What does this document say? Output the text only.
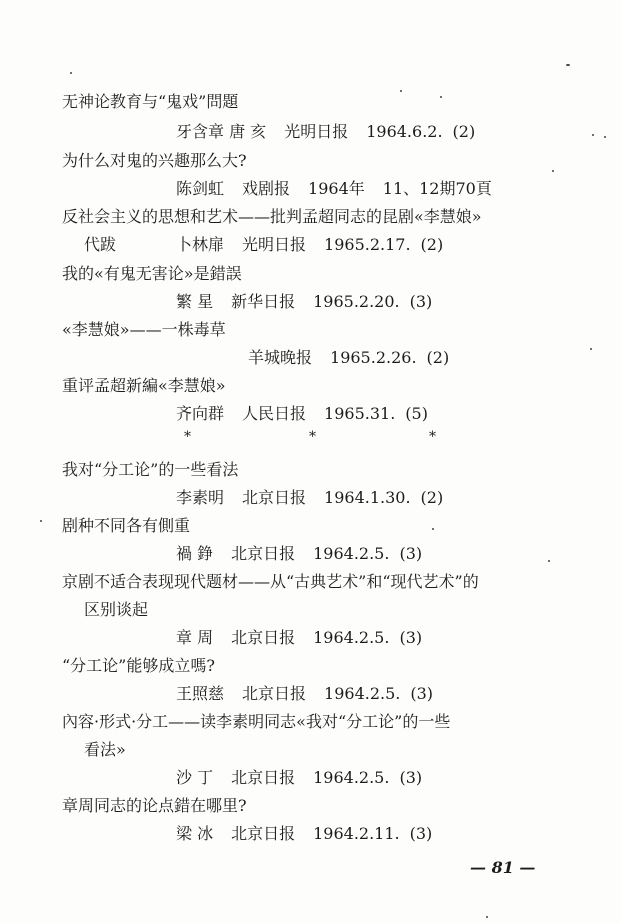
无神论教育与“鬼戏”問題
牙含章 唐 亥 光明日报 1964.6.2. (2)
为什么对鬼的兴趣那么大?
陈剑虹 戏剧报 1964年 11、12期70頁
反社会主义的思想和艺术——批判孟超同志的昆剧«李慧娘»
代跋	卜林扉 光明日报 1965.2.17. (2)
我的«有鬼无害论»是錯誤
繁 星 新华日报 1965.2.20. (3)
«李慧娘»——一株毒草
羊城晚报 1965.2.26. (2)
重评孟超新編«李慧娘»
齐向群 人民日报 1965.31. (5)
*	*	*
我对“分工论”的一些看法
李素明 北京日报 1964.1.30. (2)
剧种不同各有側重
禍 錚 北京日报 1964.2.5. (3)
京剧不适合表现现代题材——从“古典艺术”和“现代艺术”的
区别谈起
章 周 北京日报 1964.2.5. (3)
“分工论”能够成立嗎?
王照慈 北京日报 1964.2.5. (3)
內容·形式·分工——读李素明同志«我对“分工论”的一些
看法»
沙 丁 北京日报 1964.2.5. (3)
章周同志的论点錯在哪里?
梁 冰 北京日报 1964.2.11. (3)
— 81 —
